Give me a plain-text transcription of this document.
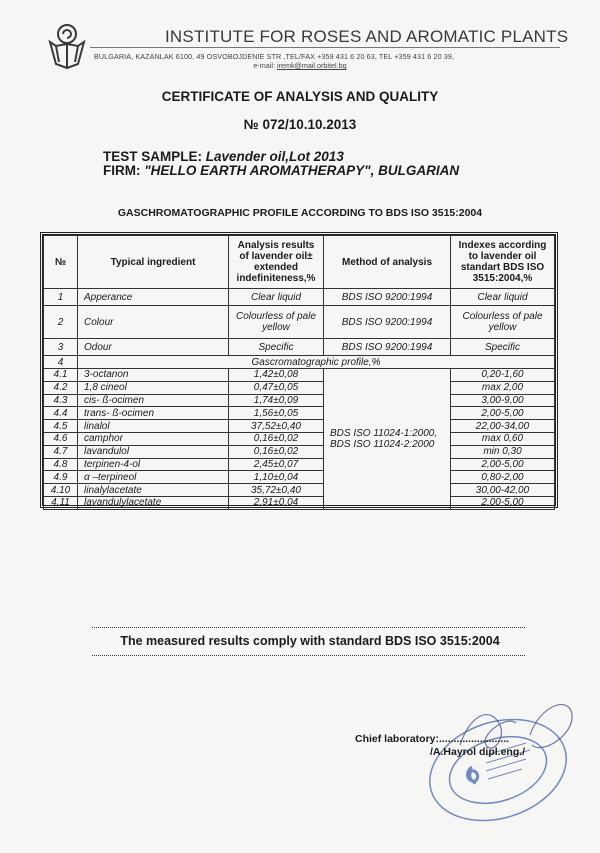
INSTITUTE FOR ROSES AND AROMATIC PLANTS
BULGARIA, KAZANLAK 6100, 49 OSVOBOJDENIE STR ,TEL/FAX +359 431 6 20 63, TEL +359 431 6 20 39,
e-mail: iremk@mail.orbitel.bg
CERTIFICATE OF ANALYSIS AND QUALITY
№ 072/10.10.2013
TEST SAMPLE: Lavender oil,Lot 2013
FIRM: "HELLO EARTH AROMATHERAPY", BULGARIAN
GASCHROMATOGRAPHIC PROFILE ACCORDING TO BDS ISO 3515:2004
№	Typical ingredient	Analysis results of lavender oil± extended indefiniteness,%	Method of analysis	Indexes according to lavender oil standart BDS ISO 3515:2004,%
1	Apperance	Clear liquid	BDS ISO 9200:1994	Clear liquid
2	Colour	Colourless of pale yellow	BDS ISO 9200:1994	Colourless of pale yellow
3	Odour	Specific	BDS ISO 9200:1994	Specific
4	Gascromatographic profile,%			
4.1	3-octanon	1,42±0,08	BDS ISO 11024-1:2000, BDS ISO 11024-2:2000	0,20-1,60
4.2	1,8 cineol	0,47±0,05		max 2,00
4.3	cis- ß-ocimen	1,74±0,09		3,00-9,00
4.4	trans- ß-ocimen	1,56±0,05		2,00-5,00
4.5	linalol	37,52±0,40		22,00-34,00
4.6	camphor	0,16±0,02		max 0,60
4.7	lavandulol	0,16±0,02		min 0,30
4.8	terpinen-4-ol	2,45±0,07		2,00-5,00
4.9	α –terpineol	1,10±0,04		0,80-2,00
4.10	linalylacetate	35,72±0,40		30,00-42,00
4.11	lavandulylacetate	2,91±0,04		2,00-5,00
The measured results comply with standard BDS ISO 3515:2004
Chief laboratory:........................
/A.Hayrol dipl.eng./
